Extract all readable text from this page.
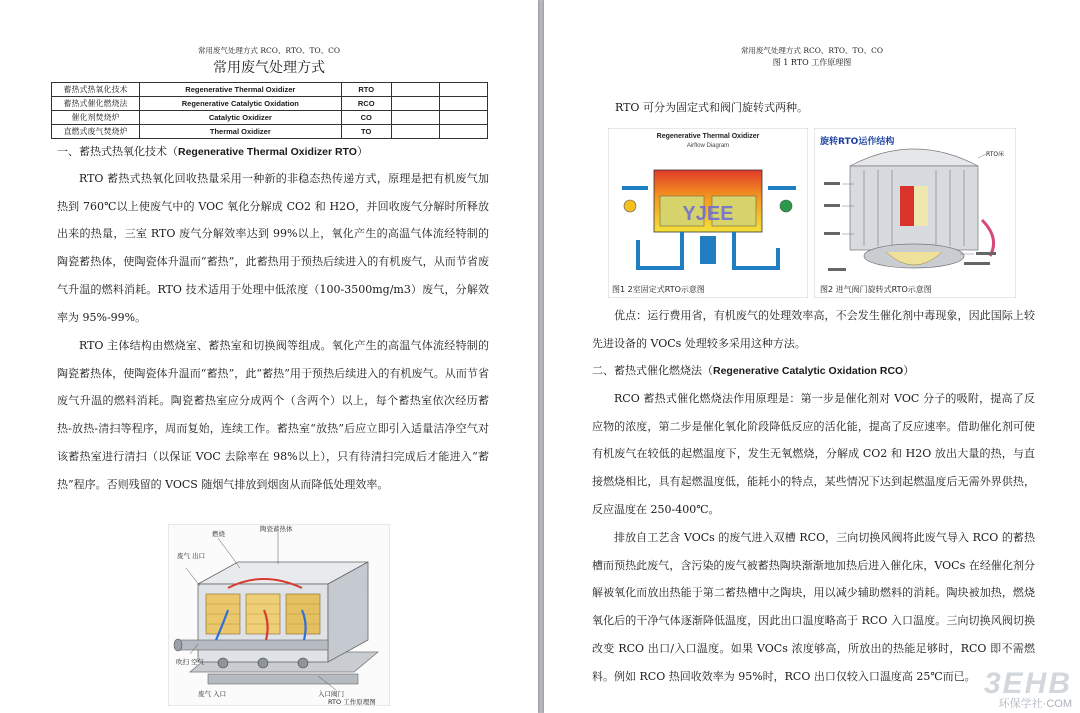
常用废气处理方式 RCO、RTO、TO、CO
常用废气处理方式
蓄热式热氧化技术	Regenerative Thermal Oxidizer	RTO		
蓄热式催化燃烧法	Regenerative Catalytic Oxidation	RCO		
催化剂焚烧炉	Catalytic Oxidizer	CO		
直燃式废气焚烧炉	Thermal Oxidizer	TO		
一、蓄热式热氧化技术（Regenerative Thermal Oxidizer RTO）
RTO 蓄热式热氧化回收热量采用一种新的非稳态热传递方式，原理是把有机废气加热到 760℃以上使废气中的 VOC 氧化分解成 CO2 和 H2O，并回收废气分解时所释放出来的热量，三室 RTO 废气分解效率达到 99%以上，氧化产生的高温气体流经特制的陶瓷蓄热体，使陶瓷体升温而“蓄热”，此蓄热用于预热后续进入的有机废气，从而节省废气升温的燃料消耗。RTO 技术适用于处理中低浓度（100-3500mg/m3）废气，分解效率为 95%-99%。
RTO 主体结构由燃烧室、蓄热室和切换阀等组成。氧化产生的高温气体流经特制的陶瓷蓄热体，使陶瓷体升温而“蓄热”，此“蓄热”用于预热后续进入的有机废气。从而节省废气升温的燃料消耗。陶瓷蓄热室应分成两个（含两个）以上，每个蓄热室依次经历蓄热-放热-清扫等程序，周而复始，连续工作。蓄热室“放热”后应立即引入适量洁净空气对该蓄热室进行清扫（以保证 VOC 去除率在 98%以上），只有待清扫完成后才能进入“蓄热”程序。否则残留的 VOCS 随烟气排放到烟囱从而降低处理效率。
燃烧
陶瓷蓄热体
废气 出口
吹扫 空气
废气 入口	入口阀门
RTO 工作原理图
常用废气处理方式 RCO、RTO、TO、CO
图 1 RTO 工作原理图
RTO 可分为固定式和阀门旋转式两种。
Regenerative Thermal Oxidizer
Airflow Diagram
YJEE
图1 2室固定式RTO示意图
旋转RTO运作结构
RTO床
图2 进气阀门旋转式RTO示意图
优点：运行费用省，有机废气的处理效率高，不会发生催化剂中毒现象，因此国际上较先进设备的 VOCs 处理较多采用这种方法。
二、蓄热式催化燃烧法（Regenerative Catalytic Oxidation RCO）
RCO 蓄热式催化燃烧法作用原理是：第一步是催化剂对 VOC 分子的吸附，提高了反应物的浓度，第二步是催化氧化阶段降低反应的活化能，提高了反应速率。借助催化剂可使有机废气在较低的起燃温度下，发生无氧燃烧，分解成 CO2 和 H2O 放出大量的热，与直接燃烧相比，具有起燃温度低，能耗小的特点，某些情况下达到起燃温度后无需外界供热，反应温度在 250-400℃。
排放自工艺含 VOCs 的废气进入双槽 RCO，三向切换风阀将此废气导入 RCO 的蓄热槽而预热此废气，含污染的废气被蓄热陶块渐渐地加热后进入催化床，VOCs 在经催化剂分解被氧化而放出热能于第二蓄热槽中之陶块，用以减少辅助燃料的消耗。陶块被加热，燃烧氧化后的干净气体逐渐降低温度，因此出口温度略高于 RCO 入口温度。三向切换风阀切换改变 RCO 出口/入口温度。如果 VOCs 浓度够高，所放出的热能足够时，RCO 即不需燃料。例如 RCO 热回收效率为 95%时，RCO 出口仅较入口温度高 25℃而已。 3EHB
环保学社·COM
